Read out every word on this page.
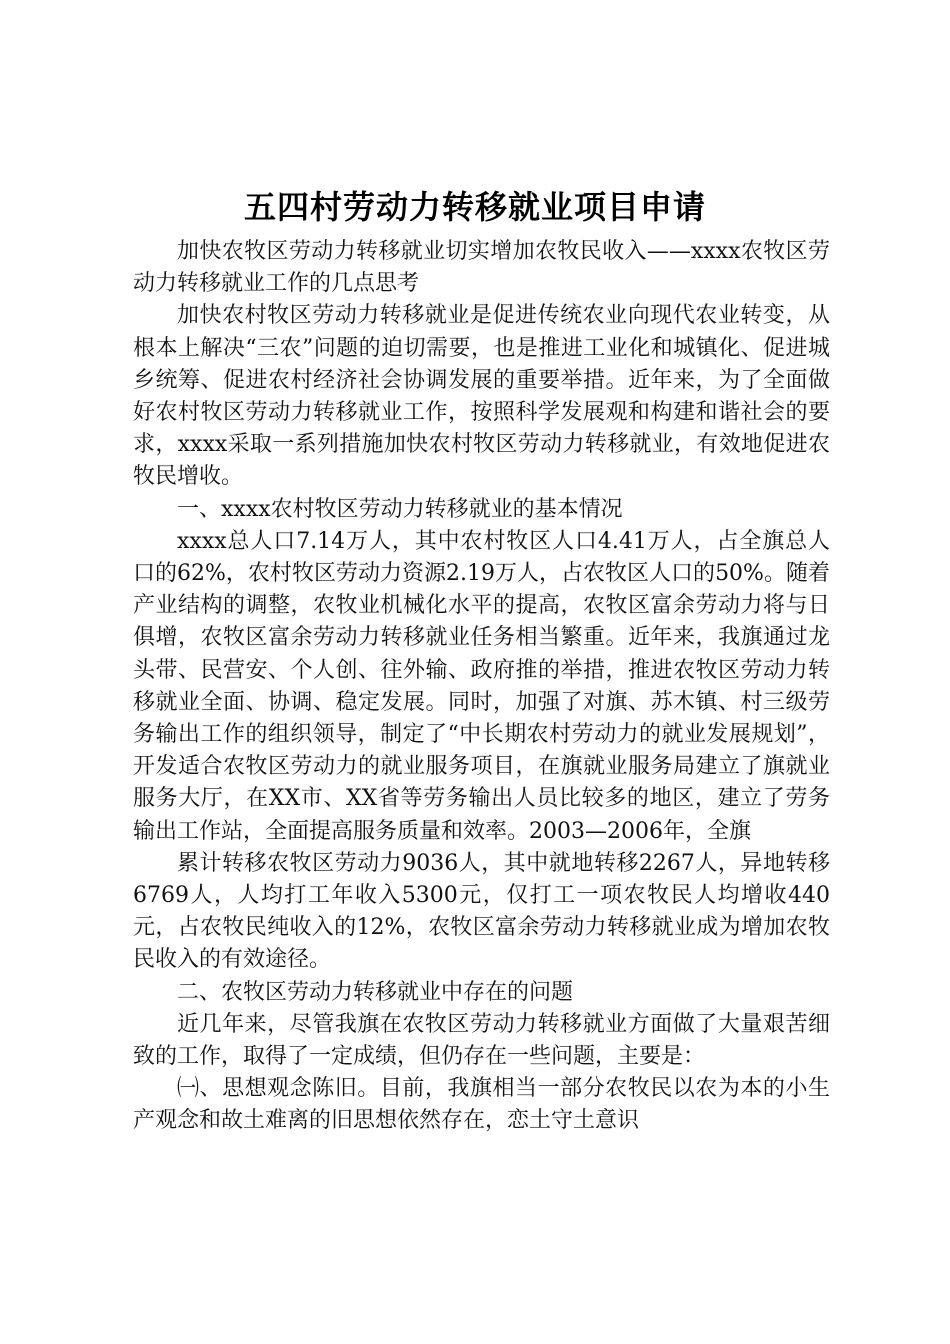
五四村劳动力转移就业项目申请

加快农牧区劳动力转移就业切实增加农牧民收入——xxxx农牧区劳动力转移就业工作的几点思考

加快农村牧区劳动力转移就业是促进传统农业向现代农业转变，从根本上解决“三农”问题的迫切需要，也是推进工业化和城镇化、促进城乡统筹、促进农村经济社会协调发展的重要举措。近年来，为了全面做好农村牧区劳动力转移就业工作，按照科学发展观和构建和谐社会的要求，xxxx采取一系列措施加快农村牧区劳动力转移就业，有效地促进农牧民增收。

一、xxxx农村牧区劳动力转移就业的基本情况

xxxx总人口7.14万人，其中农村牧区人口4.41万人，占全旗总人口的62%，农村牧区劳动力资源2.19万人，占农牧区人口的50%。随着产业结构的调整，农牧业机械化水平的提高，农牧区富余劳动力将与日俱增，农牧区富余劳动力转移就业任务相当繁重。近年来，我旗通过龙头带、民营安、个人创、往外输、政府推的举措，推进农牧区劳动力转移就业全面、协调、稳定发展。同时，加强了对旗、苏木镇、村三级劳务输出工作的组织领导，制定了“中长期农村劳动力的就业发展规划”，开发适合农牧区劳动力的就业服务项目，在旗就业服务局建立了旗就业服务大厅，在XX市、XX省等劳务输出人员比较多的地区，建立了劳务输出工作站，全面提高服务质量和效率。2003—2006年，全旗

累计转移农牧区劳动力9036人，其中就地转移2267人，异地转移6769人，人均打工年收入5300元，仅打工一项农牧民人均增收440元，占农牧民纯收入的12%，农牧区富余劳动力转移就业成为增加农牧民收入的有效途径。

二、农牧区劳动力转移就业中存在的问题

近几年来，尽管我旗在农牧区劳动力转移就业方面做了大量艰苦细致的工作，取得了一定成绩，但仍存在一些问题，主要是：

㈠、思想观念陈旧。目前，我旗相当一部分农牧民以农为本的小生产观念和故土难离的旧思想依然存在，恋土守土意识
